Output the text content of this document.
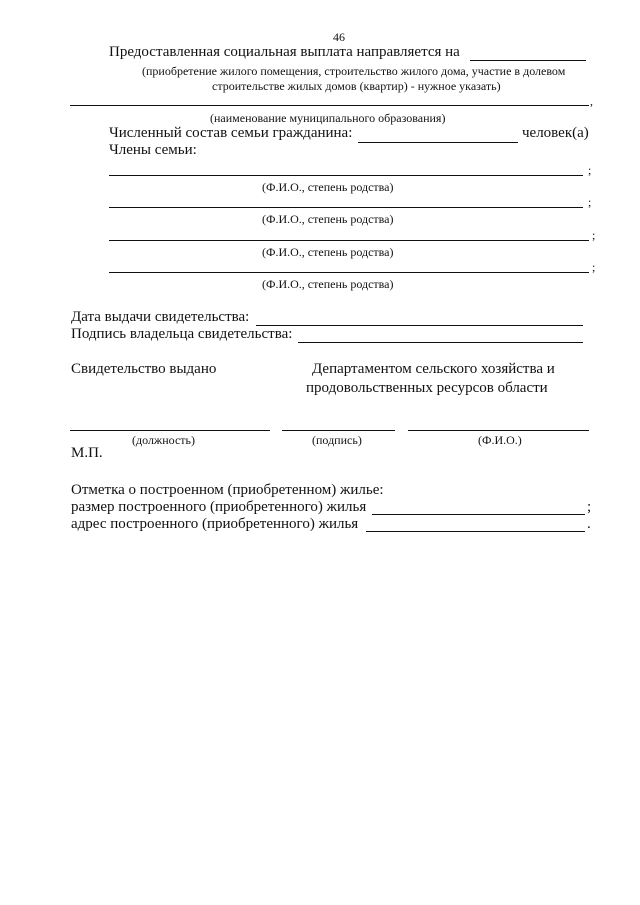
46
Предоставленная социальная выплата направляется на
(приобретение жилого помещения, строительство жилого дома, участие в долевом
строительстве жилых домов (квартир) - нужное указать)
,
(наименование муниципального образования)
Численный состав семьи гражданина:	человек(а)
Члены семьи:
;
(Ф.И.О., степень родства)
;
(Ф.И.О., степень родства)
;
(Ф.И.О., степень родства)
;
(Ф.И.О., степень родства)
Дата выдачи свидетельства:
Подпись владельца свидетельства:
Свидетельство выдано	Департаментом сельского хозяйства и
продовольственных ресурсов области
(должность)	(подпись)	(Ф.И.О.)
М.П.
Отметка о построенном (приобретенном) жилье:
размер построенного (приобретенного) жилья	;
адрес построенного (приобретенного) жилья	.
